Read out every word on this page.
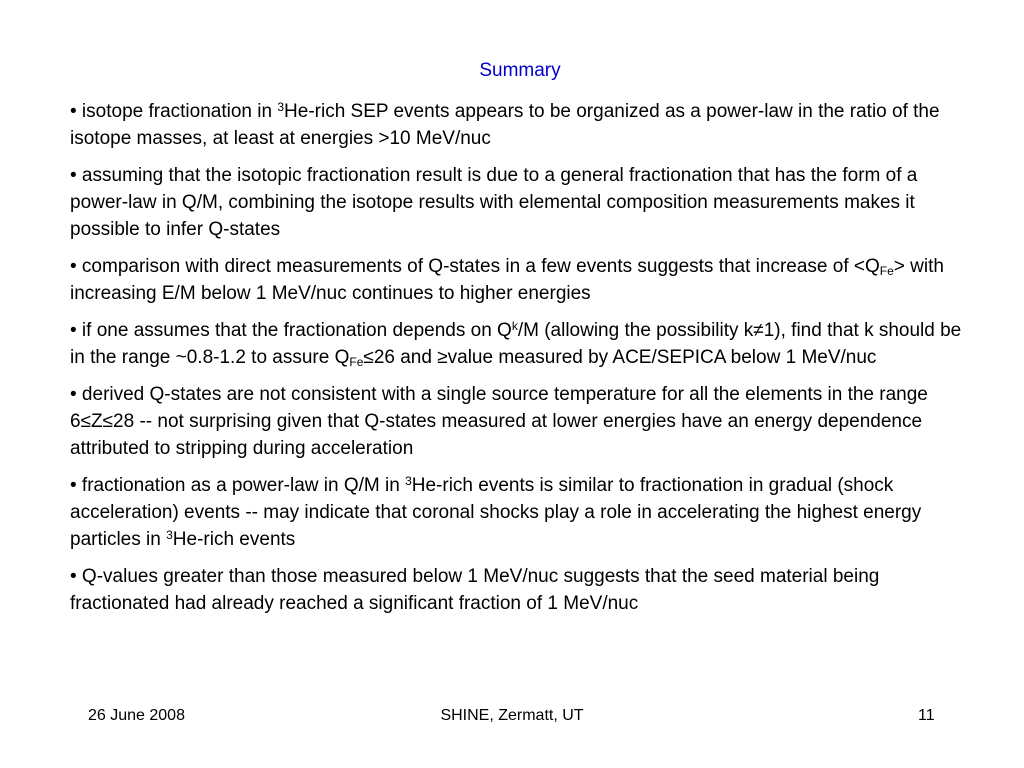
Summary

• isotope fractionation in $^3$He-rich SEP events appears to be organized as a power-law in the ratio of the isotope masses, at least at energies >10 MeV/nuc

• assuming that the isotopic fractionation result is due to a general fractionation that has the form of a power-law in Q/M, combining the isotope results with elemental composition measurements makes it possible to infer Q-states

• comparison with direct measurements of Q-states in a few events suggests that increase of $<Q_{Fe}>$ with increasing E/M below 1 MeV/nuc continues to higher energies

• if one assumes that the fractionation depends on $Q^k/M$ (allowing the possibility k≠1), find that k should be in the range ~0.8-1.2 to assure $Q_{Fe}\le 26$ and ≥value measured by ACE/SEPICA below 1 MeV/nuc

• derived Q-states are not consistent with a single source temperature for all the elements in the range 6≤Z≤28 -- not surprising given that Q-states measured at lower energies have an energy dependence attributed to stripping during acceleration

• fractionation as a power-law in Q/M in $^3$He-rich events is similar to fractionation in gradual (shock acceleration) events -- may indicate that coronal shocks play a role in accelerating the highest energy particles in $^3$He-rich events

• Q-values greater than those measured below 1 MeV/nuc suggests that the seed material being fractionated had already reached a significant fraction of 1 MeV/nuc

26 June 2008	SHINE, Zermatt, UT	11
